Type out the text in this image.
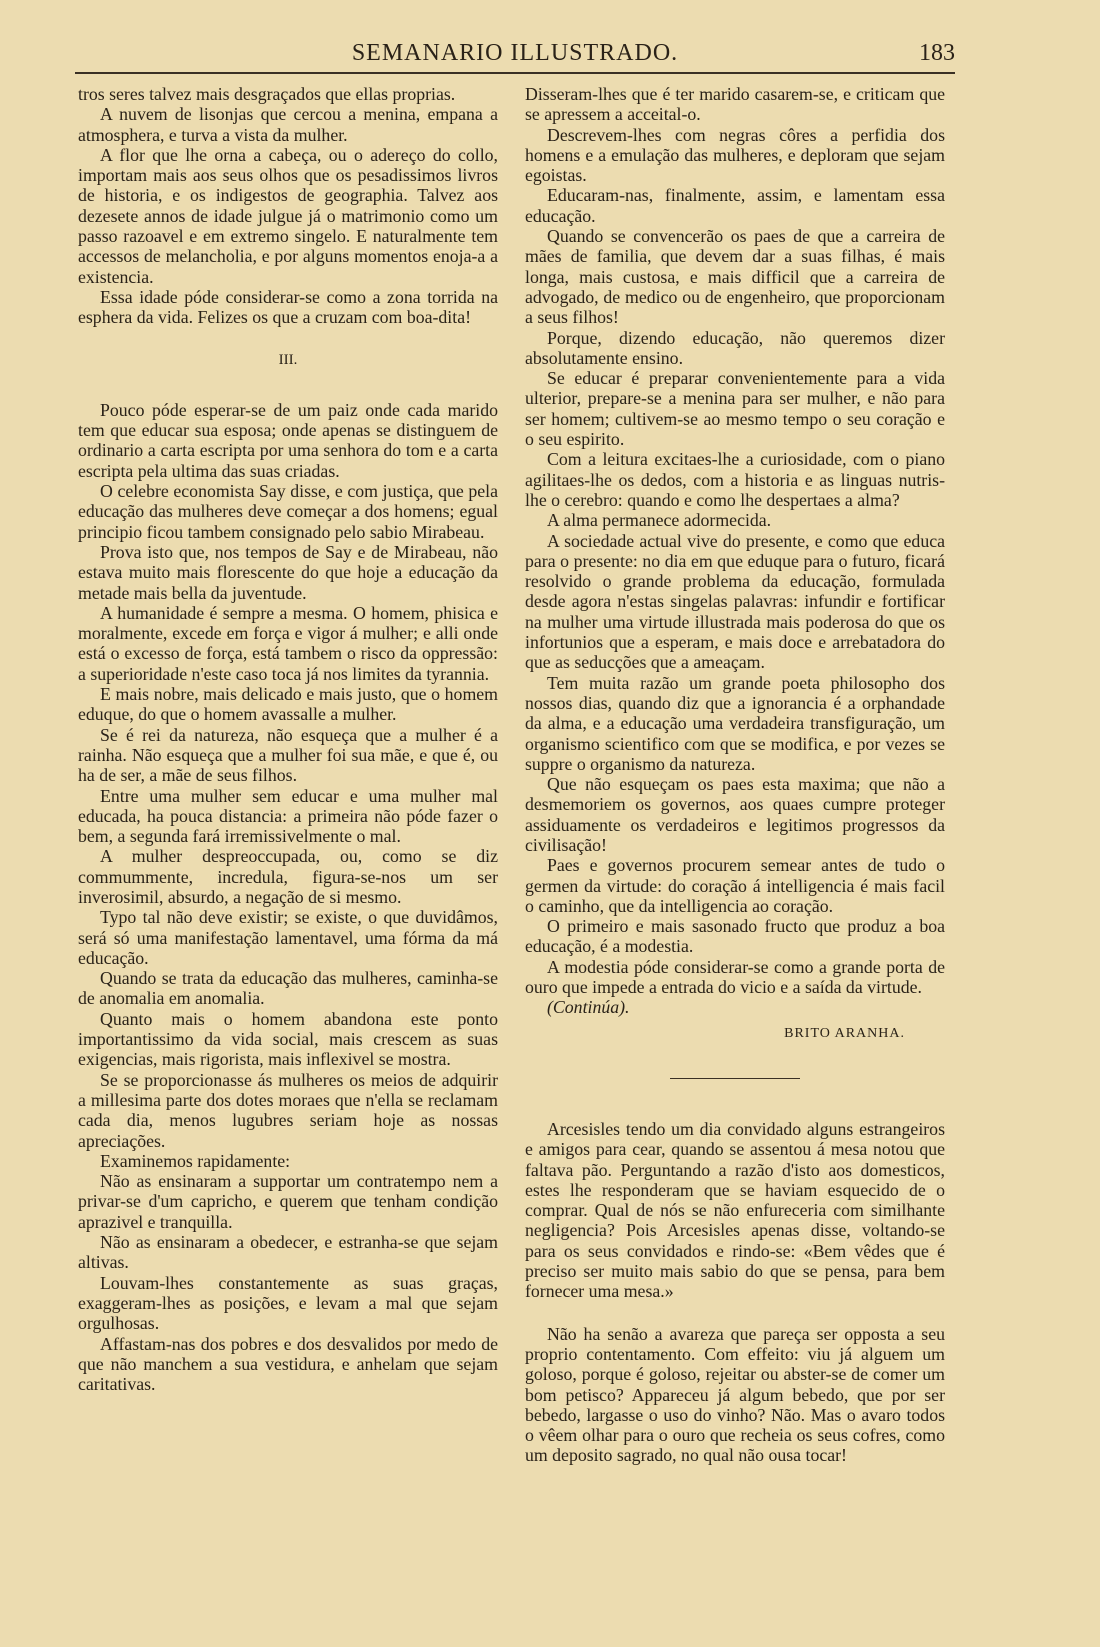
SEMANARIO ILLUSTRADO.	183

tros seres talvez mais desgraçados que ellas proprias.

A nuvem de lisonjas que cercou a menina, empana a atmosphera, e turva a vista da mulher.

A flor que lhe orna a cabeça, ou o adereço do collo, importam mais aos seus olhos que os pesadissimos livros de historia, e os indigestos de geographia. Talvez aos dezesete annos de idade julgue já o matrimonio como um passo razoavel e em extremo singelo. E naturalmente tem accessos de melancholia, e por alguns momentos enoja-a a existencia.

Essa idade póde considerar-se como a zona torrida na esphera da vida. Felizes os que a cruzam com boa-dita!

III.

Pouco póde esperar-se de um paiz onde cada marido tem que educar sua esposa; onde apenas se distinguem de ordinario a carta escripta por uma senhora do tom e a carta escripta pela ultima das suas criadas.

O celebre economista Say disse, e com justiça, que pela educação das mulheres deve começar a dos homens; egual principio ficou tambem consignado pelo sabio Mirabeau.

Prova isto que, nos tempos de Say e de Mirabeau, não estava muito mais florescente do que hoje a educação da metade mais bella da juventude.

A humanidade é sempre a mesma. O homem, phisica e moralmente, excede em força e vigor á mulher; e alli onde está o excesso de força, está tambem o risco da oppressão: a superioridade n'este caso toca já nos limites da tyrannia.

E mais nobre, mais delicado e mais justo, que o homem eduque, do que o homem avassalle a mulher.

Se é rei da natureza, não esqueça que a mulher é a rainha. Não esqueça que a mulher foi sua mãe, e que é, ou ha de ser, a mãe de seus filhos.

Entre uma mulher sem educar e uma mulher mal educada, ha pouca distancia: a primeira não póde fazer o bem, a segunda fará irremissivelmente o mal.

A mulher despreoccupada, ou, como se diz commummente, incredula, figura-se-nos um ser inverosimil, absurdo, a negação de si mesmo.

Typo tal não deve existir; se existe, o que duvidâmos, será só uma manifestação lamentavel, uma fórma da má educação.

Quando se trata da educação das mulheres, caminha-se de anomalia em anomalia.

Quanto mais o homem abandona este ponto importantissimo da vida social, mais crescem as suas exigencias, mais rigorista, mais inflexivel se mostra.

Se se proporcionasse ás mulheres os meios de adquirir a millesima parte dos dotes moraes que n'ella se reclamam cada dia, menos lugubres seriam hoje as nossas apreciações.

Examinemos rapidamente:

Não as ensinaram a supportar um contratempo nem a privar-se d'um capricho, e querem que tenham condição aprazivel e tranquilla.

Não as ensinaram a obedecer, e estranha-se que sejam altivas.

Louvam-lhes constantemente as suas graças, exaggeram-lhes as posições, e levam a mal que sejam orgulhosas.

Affastam-nas dos pobres e dos desvalidos por medo de que não manchem a sua vestidura, e anhelam que sejam caritativas.

Disseram-lhes que é ter marido casarem-se, e criticam que se apressem a acceital-o.

Descrevem-lhes com negras côres a perfidia dos homens e a emulação das mulheres, e deploram que sejam egoistas.

Educaram-nas, finalmente, assim, e lamentam essa educação.

Quando se convencerão os paes de que a carreira de mães de familia, que devem dar a suas filhas, é mais longa, mais custosa, e mais difficil que a carreira de advogado, de medico ou de engenheiro, que proporcionam a seus filhos!

Porque, dizendo educação, não queremos dizer absolutamente ensino.

Se educar é preparar convenientemente para a vida ulterior, prepare-se a menina para ser mulher, e não para ser homem; cultivem-se ao mesmo tempo o seu coração e o seu espirito.

Com a leitura excitaes-lhe a curiosidade, com o piano agilitaes-lhe os dedos, com a historia e as linguas nutris-lhe o cerebro: quando e como lhe despertaes a alma?

A alma permanece adormecida.

A sociedade actual vive do presente, e como que educa para o presente: no dia em que eduque para o futuro, ficará resolvido o grande problema da educação, formulada desde agora n'estas singelas palavras: infundir e fortificar na mulher uma virtude illustrada mais poderosa do que os infortunios que a esperam, e mais doce e arrebatadora do que as seducções que a ameaçam.

Tem muita razão um grande poeta philosopho dos nossos dias, quando diz que a ignorancia é a orphandade da alma, e a educação uma verdadeira transfiguração, um organismo scientifico com que se modifica, e por vezes se suppre o organismo da natureza.

Que não esqueçam os paes esta maxima; que não a desmemoriem os governos, aos quaes cumpre proteger assiduamente os verdadeiros e legitimos progressos da civilisação!

Paes e governos procurem semear antes de tudo o germen da virtude: do coração á intelligencia é mais facil o caminho, que da intelligencia ao coração.

O primeiro e mais sasonado fructo que produz a boa educação, é a modestia.

A modestia póde considerar-se como a grande porta de ouro que impede a entrada do vicio e a saída da virtude.

(Continúa).

BRITO ARANHA.

Arcesisles tendo um dia convidado alguns estrangeiros e amigos para cear, quando se assentou á mesa notou que faltava pão. Perguntando a razão d'isto aos domesticos, estes lhe responderam que se haviam esquecido de o comprar. Qual de nós se não enfureceria com similhante negligencia? Pois Arcesisles apenas disse, voltando-se para os seus convidados e rindo-se: «Bem vêdes que é preciso ser muito mais sabio do que se pensa, para bem fornecer uma mesa.»

Não ha senão a avareza que pareça ser opposta a seu proprio contentamento. Com effeito: viu já alguem um goloso, porque é goloso, rejeitar ou abster-se de comer um bom petisco? Appareceu já algum bebedo, que por ser bebedo, largasse o uso do vinho? Não. Mas o avaro todos o vêem olhar para o ouro que recheia os seus cofres, como um deposito sagrado, no qual não ousa tocar!
